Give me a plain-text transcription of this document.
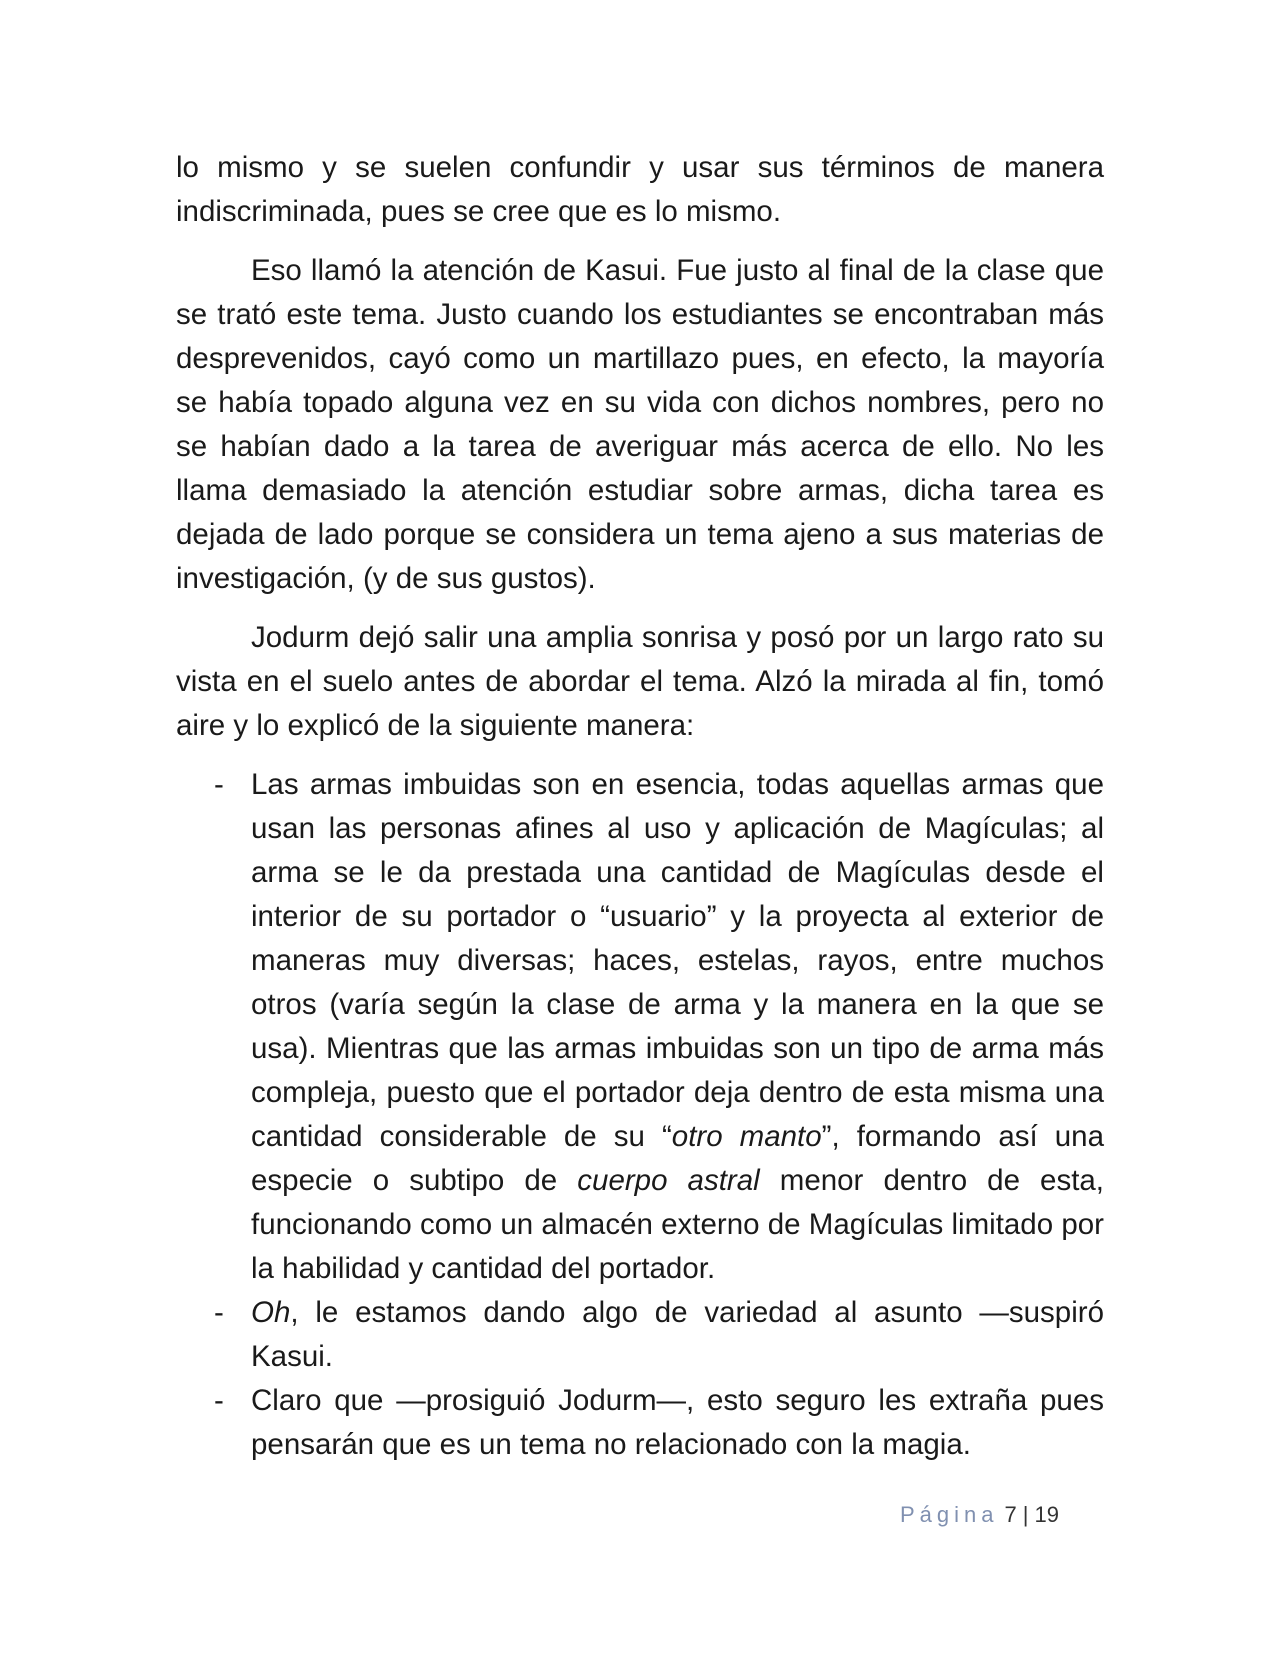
lo mismo y se suelen confundir y usar sus términos de manera indiscriminada, pues se cree que es lo mismo.

Eso llamó la atención de Kasui. Fue justo al final de la clase que se trató este tema. Justo cuando los estudiantes se encontraban más desprevenidos, cayó como un martillazo pues, en efecto, la mayoría se había topado alguna vez en su vida con dichos nombres, pero no se habían dado a la tarea de averiguar más acerca de ello. No les llama demasiado la atención estudiar sobre armas, dicha tarea es dejada de lado porque se considera un tema ajeno a sus materias de investigación, (y de sus gustos).

Jodurm dejó salir una amplia sonrisa y posó por un largo rato su vista en el suelo antes de abordar el tema. Alzó la mirada al fin, tomó aire y lo explicó de la siguiente manera:

- Las armas imbuidas son en esencia, todas aquellas armas que usan las personas afines al uso y aplicación de Magículas; al arma se le da prestada una cantidad de Magículas desde el interior de su portador o “usuario” y la proyecta al exterior de maneras muy diversas; haces, estelas, rayos, entre muchos otros (varía según la clase de arma y la manera en la que se usa). Mientras que las armas imbuidas son un tipo de arma más compleja, puesto que el portador deja dentro de esta misma una cantidad considerable de su “otro manto”, formando así una especie o subtipo de cuerpo astral menor dentro de esta, funcionando como un almacén externo de Magículas limitado por la habilidad y cantidad del portador.
- Oh, le estamos dando algo de variedad al asunto —suspiró Kasui.
- Claro que —prosiguió Jodurm—, esto seguro les extraña pues pensarán que es un tema no relacionado con la magia.
Página 7 | 19
